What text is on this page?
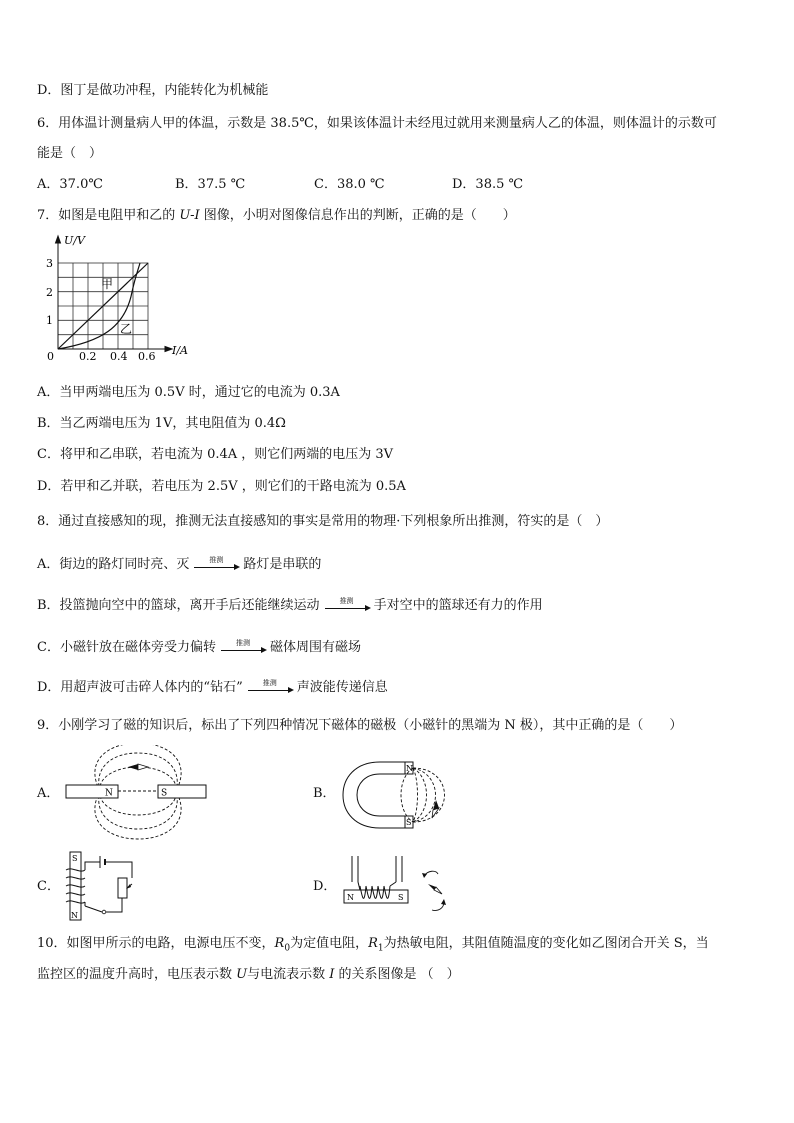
D．图丁是做功冲程，内能转化为机械能
6．用体温计测量病人甲的体温，示数是 38.5℃，如果该体温计未经甩过就用来测量病人乙的体温，则体温计的示数可
能是（　）
A．37.0℃	B．37.5 ℃	C．38.0 ℃	D．38.5 ℃
7．如图是电阻甲和乙的 U-I 图像，小明对图像信息作出的判断，正确的是（　　）
U/V
I/A
1
2
3
0 0.2 0.4 0.6
甲
乙
A．当甲两端电压为 0.5V 时，通过它的电流为 0.3A
B．当乙两端电压为 1V，其电阻值为 0.4Ω
C．将甲和乙串联，若电流为 0.4A ，则它们两端的电压为 3V
D．若甲和乙并联，若电压为 2.5V ，则它们的干路电流为 0.5A
8．通过直接感知的现，推测无法直接感知的事实是常用的物理·下列根象所出推测，符实的是（　）
A．街边的路灯同时亮、灭	推测	路灯是串联的
B．投篮抛向空中的篮球，离开手后还能继续运动	推测	手对空中的篮球还有力的作用
C．小磁针放在磁体旁受力偏转	推测	磁体周围有磁场
D．用超声波可击碎人体内的“钻石”	推测	声波能传递信息
9．小刚学习了磁的知识后，标出了下列四种情况下磁体的磁极（小磁针的黑端为 N 极），其中正确的是（　　）
A．	N	S	B．
N
S
C．
S
N
D．
N	S
10．如图甲所示的电路，电源电压不变，$R_0$为定值电阻，$R_1$为热敏电阻，其阻值随温度的变化如乙图闭合开关 S，当
监控区的温度升高时，电压表示数 U与电流表示数 I 的关系图像是 （　）
